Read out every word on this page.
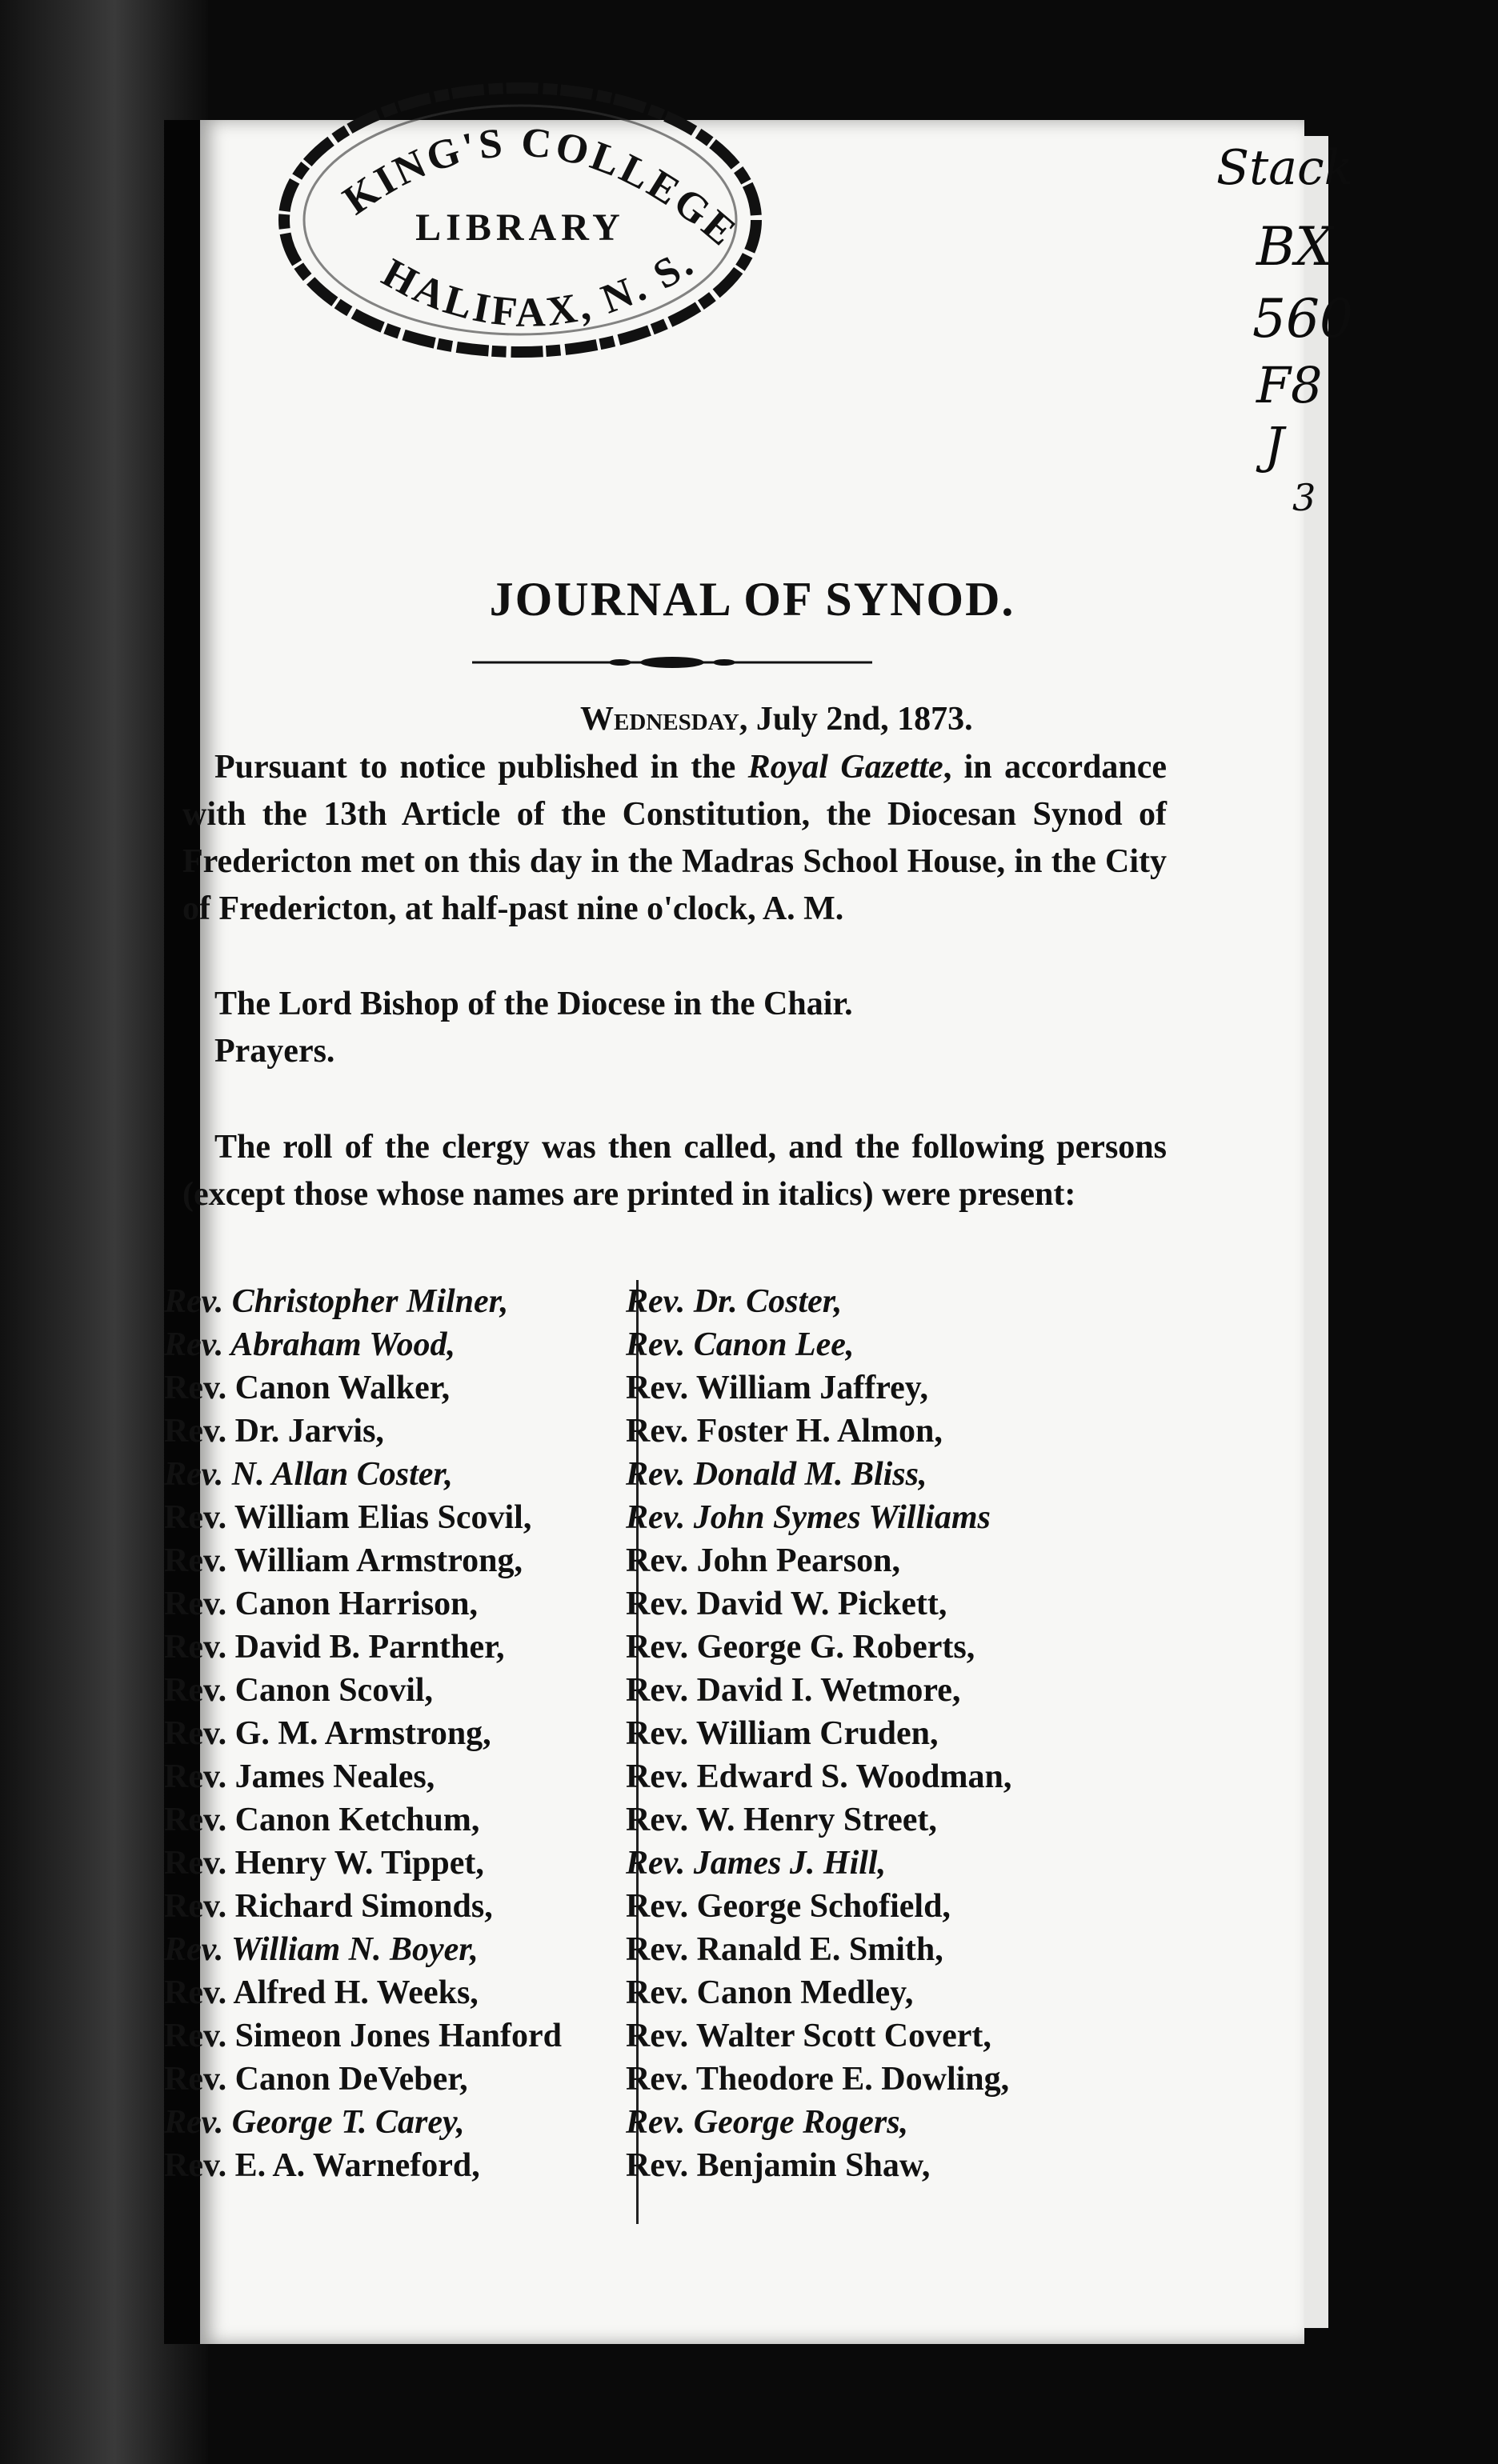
KING'S COLLEGE
LIBRARY
HALIFAX, N. S.
Stack
BX
560
F8
J
3
JOURNAL OF SYNOD.
Wednesday, July 2nd, 1873.
Pursuant to notice published in the Royal Gazette, in accordance with the 13th Article of the Constitution, the Diocesan Synod of Fredericton met on this day in the Madras School House, in the City of Fredericton, at half-past nine o'clock, A. M.
The Lord Bishop of the Diocese in the Chair.
Prayers.
The roll of the clergy was then called, and the following persons (except those whose names are printed in italics) were present:
Rev. Christopher Milner,
Rev. Abraham Wood,
Rev. Canon Walker,
Rev. Dr. Jarvis,
Rev. N. Allan Coster,
Rev. William Elias Scovil,
Rev. William Armstrong,
Rev. Canon Harrison,
Rev. David B. Parnther,
Rev. Canon Scovil,
Rev. G. M. Armstrong,
Rev. James Neales,
Rev. Canon Ketchum,
Rev. Henry W. Tippet,
Rev. Richard Simonds,
Rev. William N. Boyer,
Rev. Alfred H. Weeks,
Rev. Simeon Jones Hanford
Rev. Canon DeVeber,
Rev. George T. Carey,
Rev. E. A. Warneford,
Rev. Dr. Coster,
Rev. Canon Lee,
Rev. William Jaffrey,
Rev. Foster H. Almon,
Rev. Donald M. Bliss,
Rev. John Symes Williams
Rev. John Pearson,
Rev. David W. Pickett,
Rev. George G. Roberts,
Rev. David I. Wetmore,
Rev. William Cruden,
Rev. Edward S. Woodman,
Rev. W. Henry Street,
Rev. James J. Hill,
Rev. George Schofield,
Rev. Ranald E. Smith,
Rev. Canon Medley,
Rev. Walter Scott Covert,
Rev. Theodore E. Dowling,
Rev. George Rogers,
Rev. Benjamin Shaw,
